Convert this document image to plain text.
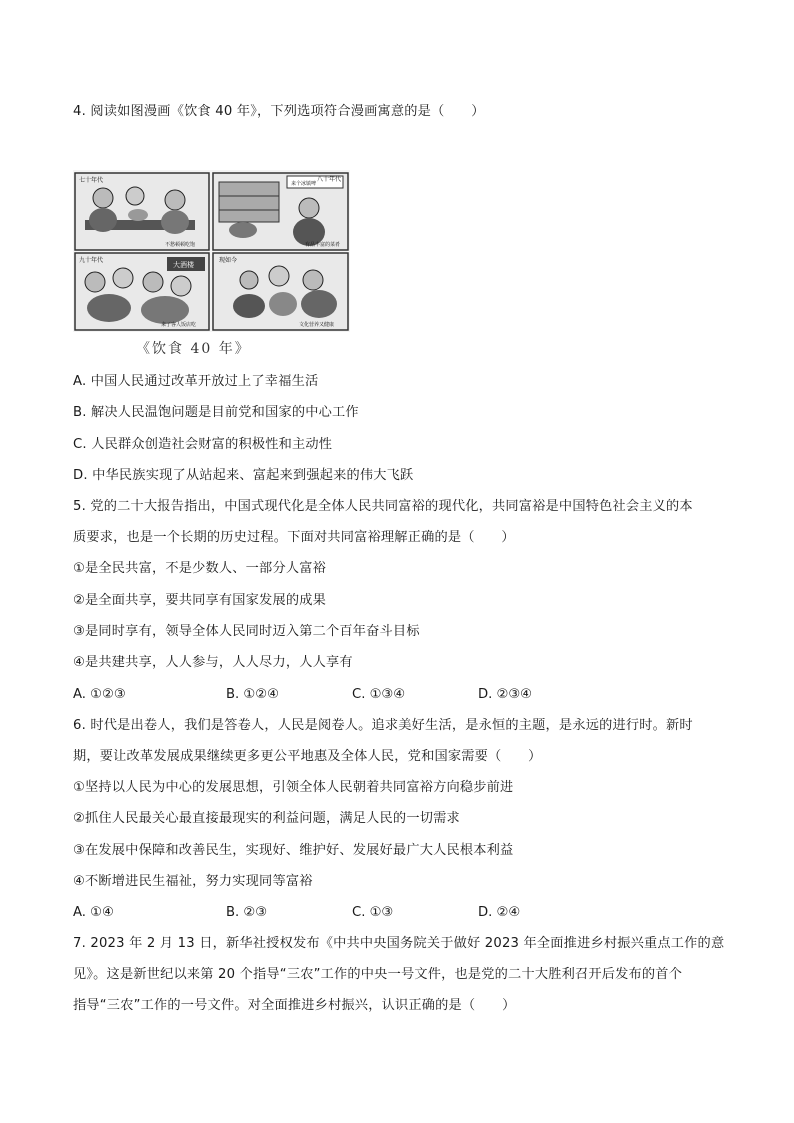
4. 阅读如图漫画《饮食 40 年》，下列选项符合漫画寓意的是（　　）
七十年代
不愁顿顿吃饱
八十年代
来个冰镇啤
有品丰富的菜肴
九十年代
大酒楼
来了客人饭店吃
现如今
文化营养又健康
《饮食 40 年》
A. 中国人民通过改革开放过上了幸福生活
B. 解决人民温饱问题是目前党和国家的中心工作
C. 人民群众创造社会财富的积极性和主动性
D. 中华民族实现了从站起来、富起来到强起来的伟大飞跃
5. 党的二十大报告指出，中国式现代化是全体人民共同富裕的现代化，共同富裕是中国特色社会主义的本
质要求，也是一个长期的历史过程。下面对共同富裕理解正确的是（　　）
①是全民共富，不是少数人、一部分人富裕
②是全面共享，要共同享有国家发展的成果
③是同时享有，领导全体人民同时迈入第二个百年奋斗目标
④是共建共享，人人参与，人人尽力，人人享有
A. ①②③	B. ①②④	C. ①③④	D. ②③④
6. 时代是出卷人，我们是答卷人，人民是阅卷人。追求美好生活，是永恒的主题，是永远的进行时。新时
期，要让改革发展成果继续更多更公平地惠及全体人民，党和国家需要（　　）
①坚持以人民为中心的发展思想，引领全体人民朝着共同富裕方向稳步前进
②抓住人民最关心最直接最现实的利益问题，满足人民的一切需求
③在发展中保障和改善民生，实现好、维护好、发展好最广大人民根本利益
④不断增进民生福祉，努力实现同等富裕
A. ①④	B. ②③	C. ①③	D. ②④
7. 2023 年 2 月 13 日，新华社授权发布《中共中央国务院关于做好 2023 年全面推进乡村振兴重点工作的意
见》。这是新世纪以来第 20 个指导“三农”工作的中央一号文件，也是党的二十大胜利召开后发布的首个
指导“三农”工作的一号文件。对全面推进乡村振兴，认识正确的是（　　）
